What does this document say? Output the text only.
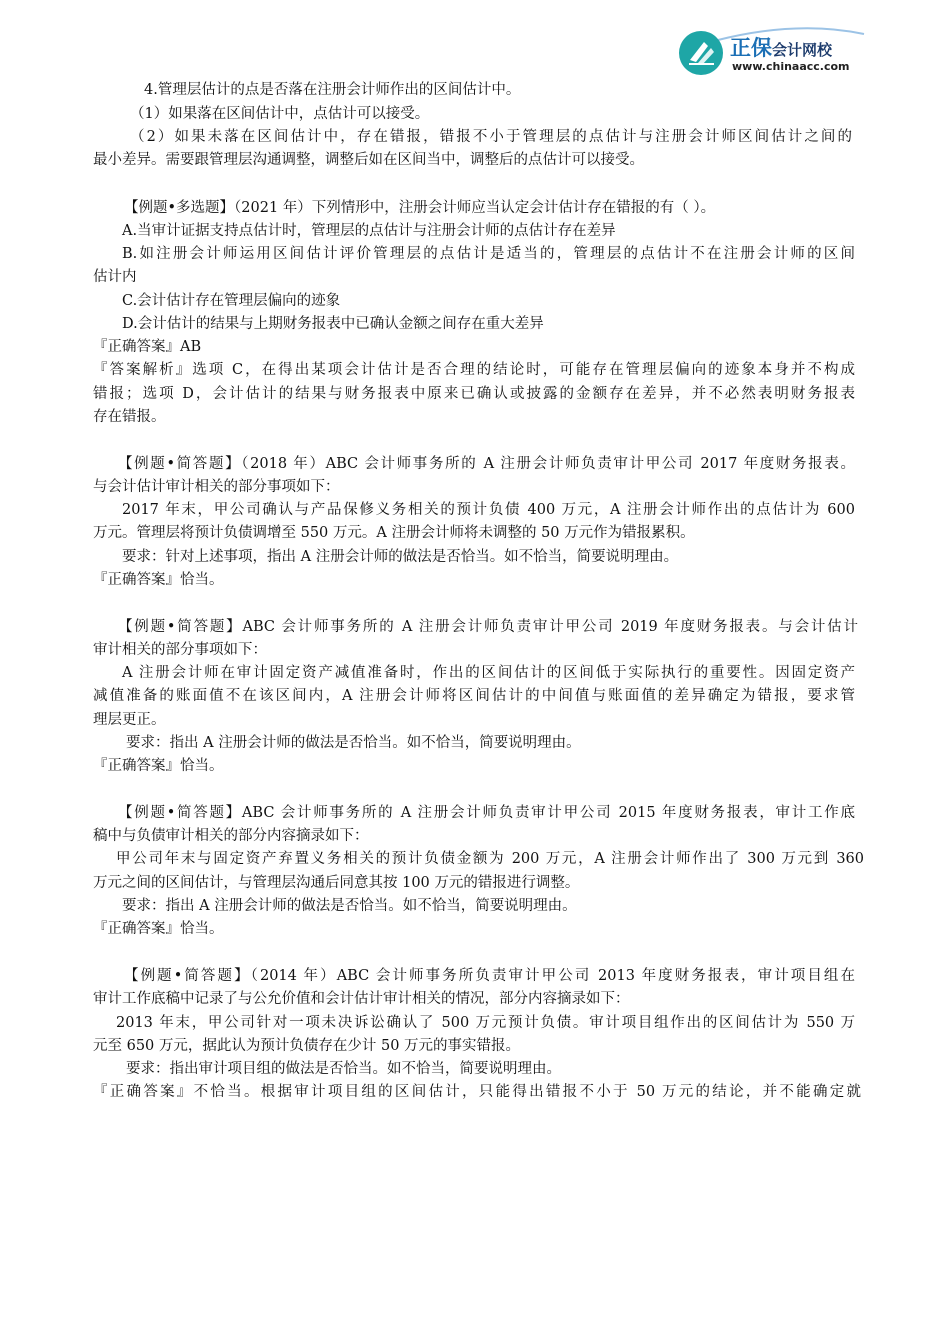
正保会计网校
www.chinaacc.com
4.管理层估计的点是否落在注册会计师作出的区间估计中。
（1）如果落在区间估计中，点估计可以接受。
（2）如果未落在区间估计中，存在错报，错报不小于管理层的点估计与注册会计师区间估计之间的
最小差异。需要跟管理层沟通调整，调整后如在区间当中，调整后的点估计可以接受。
【例题•多选题】（2021 年）下列情形中，注册会计师应当认定会计估计存在错报的有（ ）。
A.当审计证据支持点估计时，管理层的点估计与注册会计师的点估计存在差异
B.如注册会计师运用区间估计评价管理层的点估计是适当的，管理层的点估计不在注册会计师的区间
估计内
C.会计估计存在管理层偏向的迹象
D.会计估计的结果与上期财务报表中已确认金额之间存在重大差异
『正确答案』AB
『答案解析』选项 C，在得出某项会计估计是否合理的结论时，可能存在管理层偏向的迹象本身并不构成
错报；选项 D，会计估计的结果与财务报表中原来已确认或披露的金额存在差异，并不必然表明财务报表
存在错报。
【例题•简答题】（2018 年）ABC 会计师事务所的 A 注册会计师负责审计甲公司 2017 年度财务报表。
与会计估计审计相关的部分事项如下：
2017 年末，甲公司确认与产品保修义务相关的预计负债 400 万元，A 注册会计师作出的点估计为 600
万元。管理层将预计负债调增至 550 万元。A 注册会计师将未调整的 50 万元作为错报累积。
要求：针对上述事项，指出 A 注册会计师的做法是否恰当。如不恰当，简要说明理由。
『正确答案』恰当。
【例题•简答题】ABC 会计师事务所的 A 注册会计师负责审计甲公司 2019 年度财务报表。与会计估计
审计相关的部分事项如下：
A 注册会计师在审计固定资产减值准备时，作出的区间估计的区间低于实际执行的重要性。因固定资产
减值准备的账面值不在该区间内，A 注册会计师将区间估计的中间值与账面值的差异确定为错报，要求管
理层更正。
要求：指出 A 注册会计师的做法是否恰当。如不恰当，简要说明理由。
『正确答案』恰当。
【例题•简答题】ABC 会计师事务所的 A 注册会计师负责审计甲公司 2015 年度财务报表，审计工作底
稿中与负债审计相关的部分内容摘录如下：
甲公司年末与固定资产弃置义务相关的预计负债金额为 200 万元，A 注册会计师作出了 300 万元到 360
万元之间的区间估计，与管理层沟通后同意其按 100 万元的错报进行调整。
要求：指出 A 注册会计师的做法是否恰当。如不恰当，简要说明理由。
『正确答案』恰当。
【例题•简答题】（2014 年）ABC 会计师事务所负责审计甲公司 2013 年度财务报表，审计项目组在
审计工作底稿中记录了与公允价值和会计估计审计相关的情况，部分内容摘录如下：
2013 年末，甲公司针对一项未决诉讼确认了 500 万元预计负债。审计项目组作出的区间估计为 550 万
元至 650 万元，据此认为预计负债存在少计 50 万元的事实错报。
要求：指出审计项目组的做法是否恰当。如不恰当，简要说明理由。
『正确答案』不恰当。根据审计项目组的区间估计，只能得出错报不小于 50 万元的结论，并不能确定就
